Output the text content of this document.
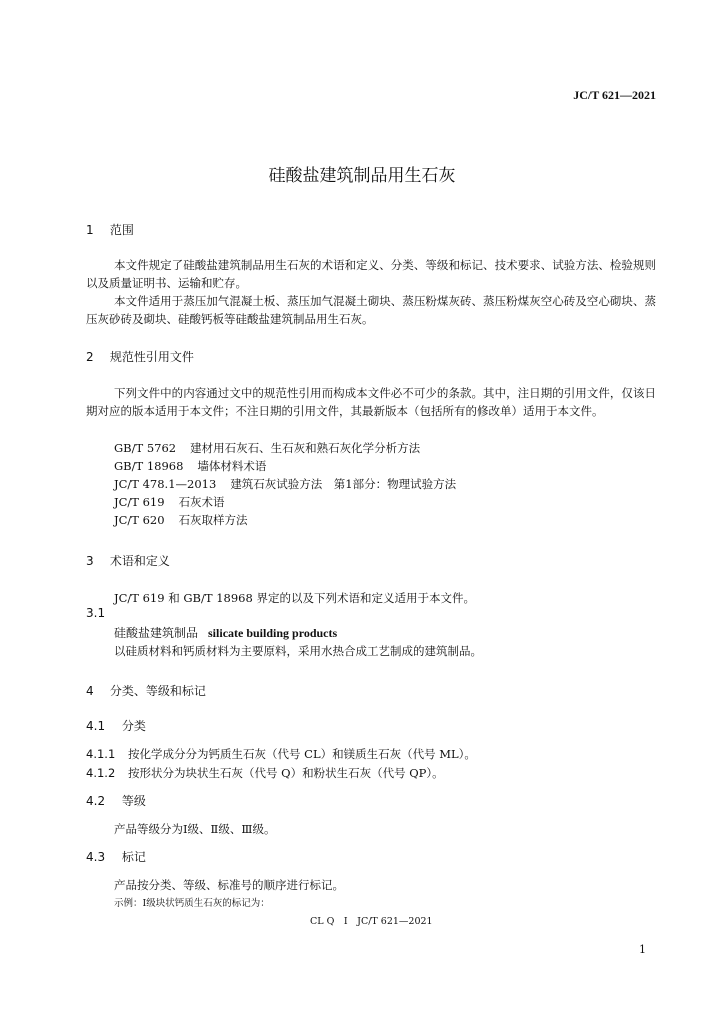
JC/T 621—2021
硅酸盐建筑制品用生石灰
1 范围
本文件规定了硅酸盐建筑制品用生石灰的术语和定义、分类、等级和标记、技术要求、试验方法、检验规则以及质量证明书、运输和贮存。
本文件适用于蒸压加气混凝土板、蒸压加气混凝土砌块、蒸压粉煤灰砖、蒸压粉煤灰空心砖及空心砌块、蒸压灰砂砖及砌块、硅酸钙板等硅酸盐建筑制品用生石灰。
2 规范性引用文件
下列文件中的内容通过文中的规范性引用而构成本文件必不可少的条款。其中，注日期的引用文件，仅该日期对应的版本适用于本文件；不注日期的引用文件，其最新版本（包括所有的修改单）适用于本文件。
GB/T 5762 建材用石灰石、生石灰和熟石灰化学分析方法
GB/T 18968 墙体材料术语
JC/T 478.1—2013 建筑石灰试验方法　第1部分：物理试验方法
JC/T 619 石灰术语
JC/T 620 石灰取样方法
3 术语和定义
JC/T 619 和 GB/T 18968 界定的以及下列术语和定义适用于本文件。
3.1
硅酸盐建筑制品 silicate building products
以硅质材料和钙质材料为主要原料，采用水热合成工艺制成的建筑制品。
4 分类、等级和标记
4.1 分类
4.1.1 按化学成分分为钙质生石灰（代号 CL）和镁质生石灰（代号 ML）。
4.1.2 按形状分为块状生石灰（代号 Q）和粉状生石灰（代号 QP）。
4.2 等级
产品等级分为Ⅰ级、Ⅱ级、Ⅲ级。
4.3 标记
产品按分类、等级、标准号的顺序进行标记。
示例：Ⅰ级块状钙质生石灰的标记为：
CL Q　Ⅰ　JC/T 621—2021
1
